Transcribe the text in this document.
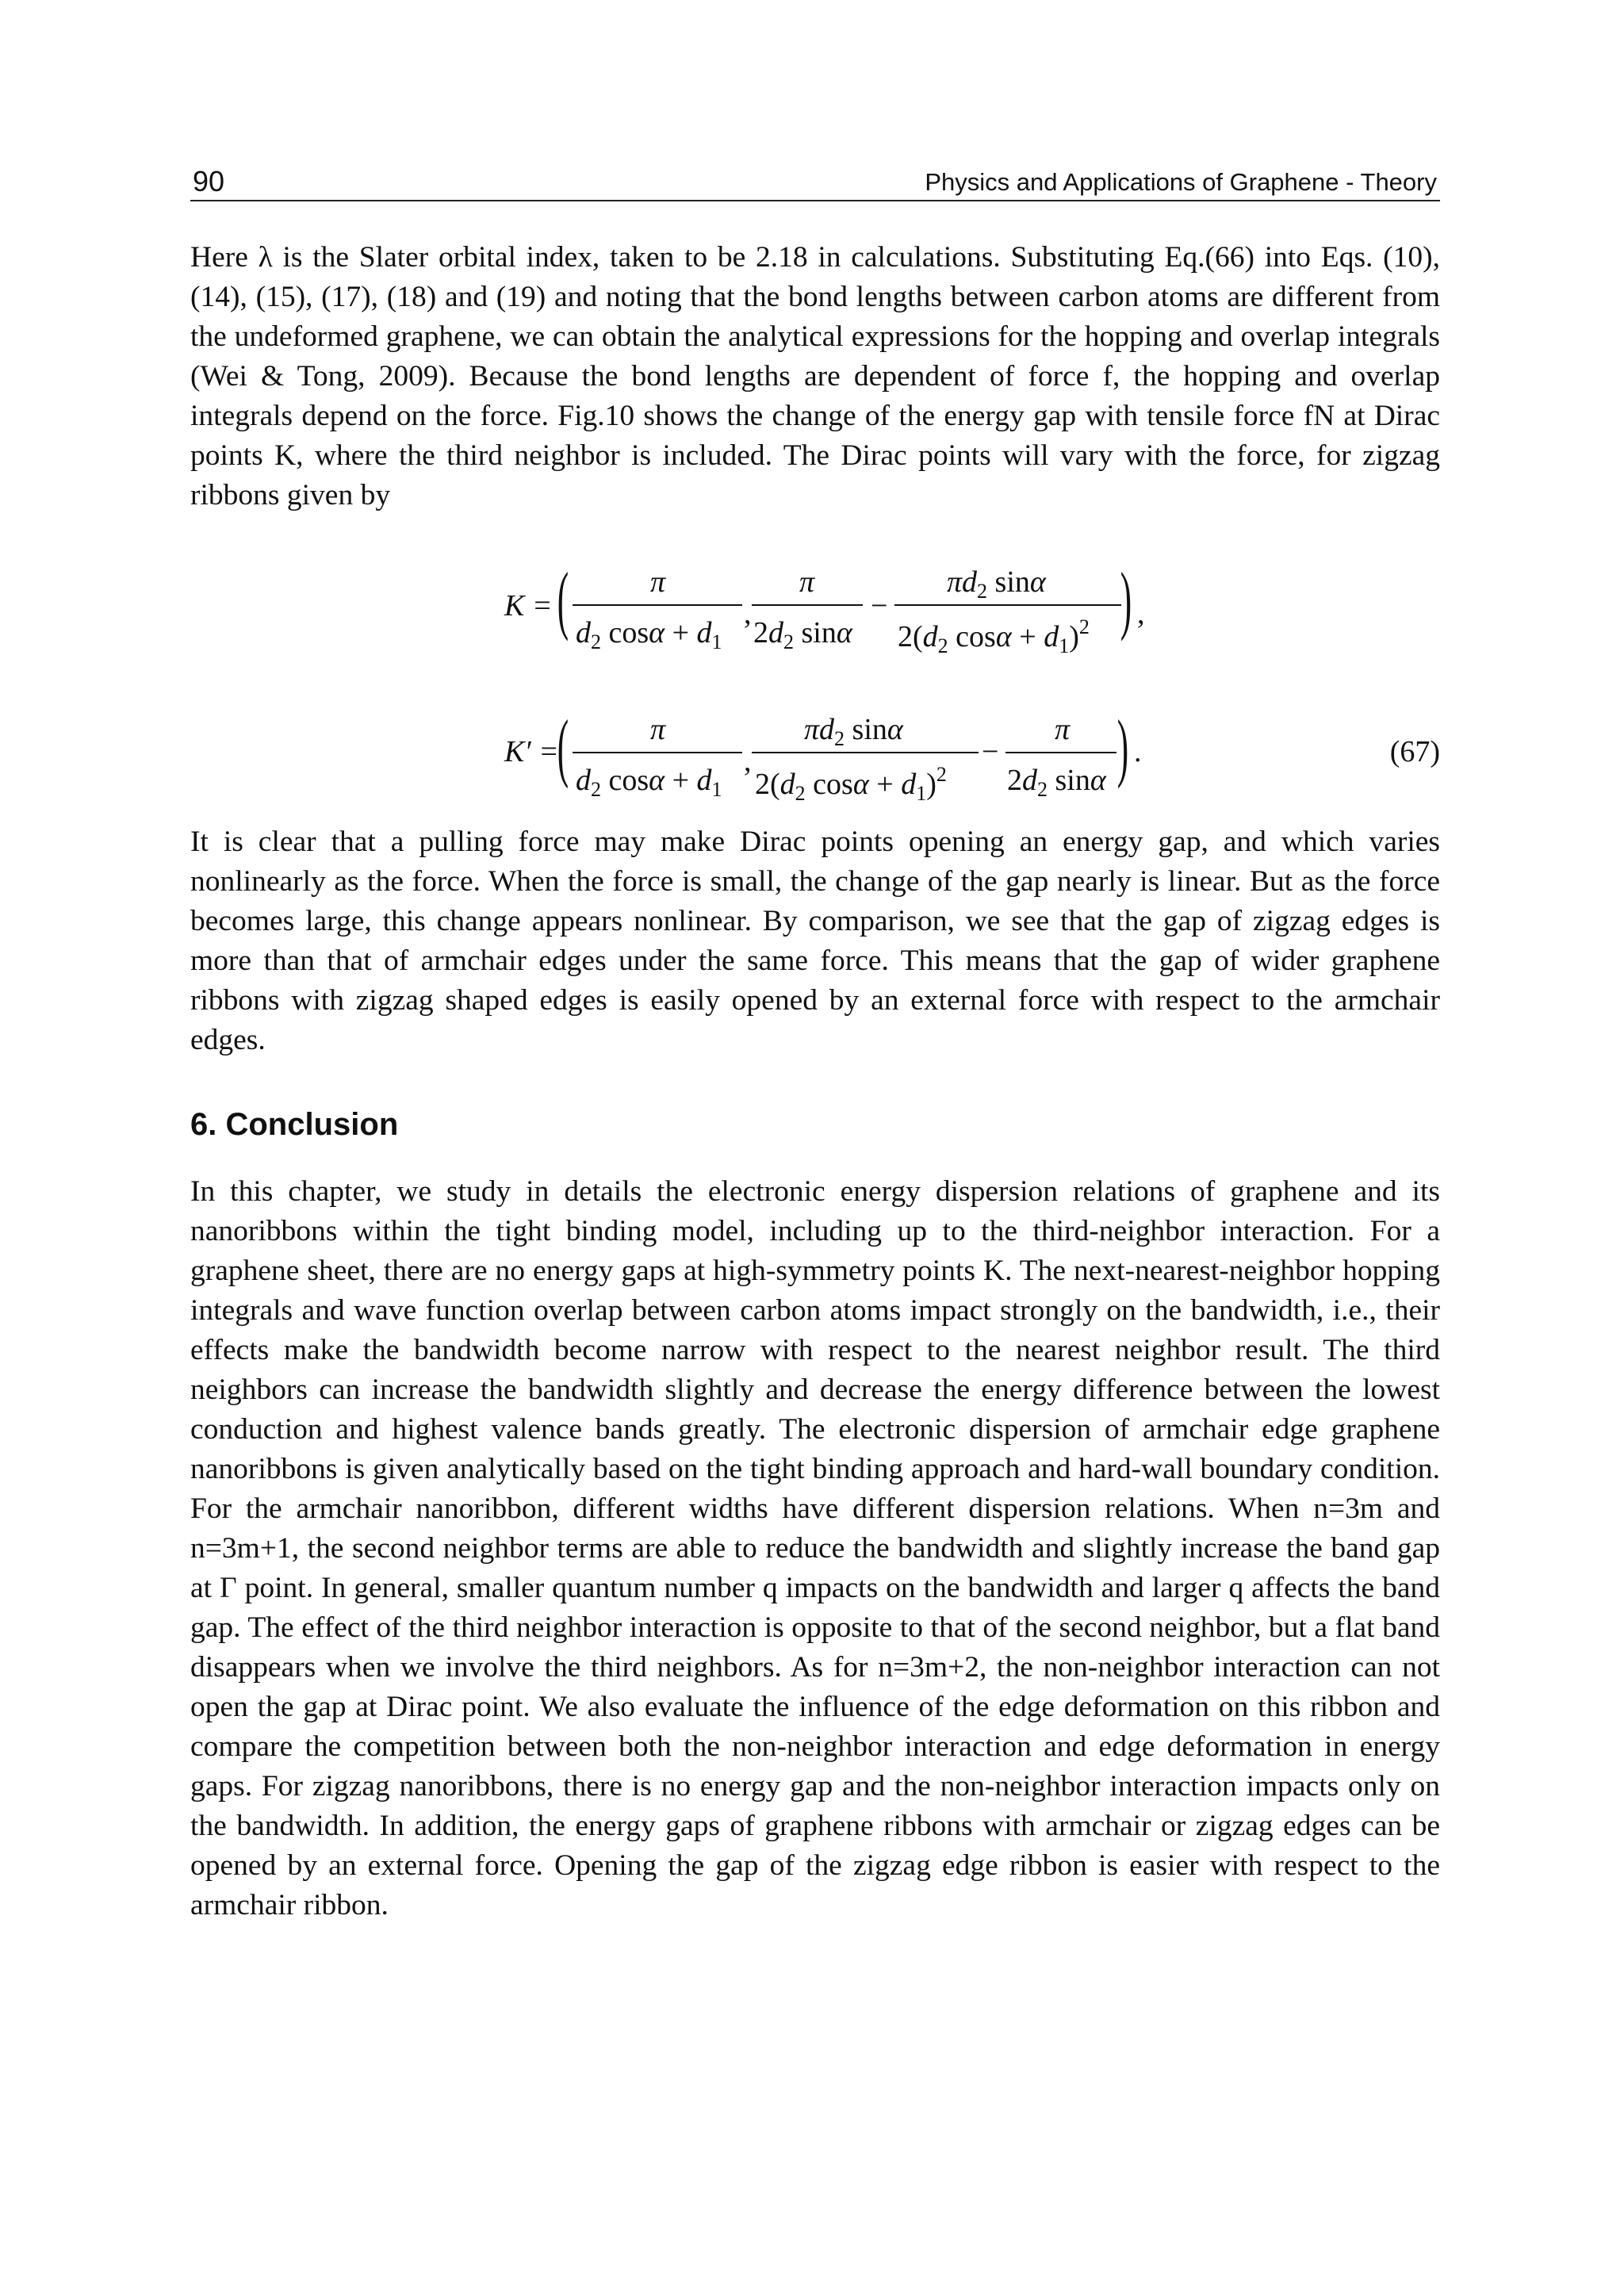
90	Physics and Applications of Graphene - Theory

Here λ is the Slater orbital index, taken to be 2.18 in calculations. Substituting Eq.(66) into Eqs. (10), (14), (15), (17), (18) and (19) and noting that the bond lengths between carbon atoms are different from the undeformed graphene, we can obtain the analytical expressions for the hopping and overlap integrals (Wei & Tong, 2009). Because the bond lengths are dependent of force f, the hopping and overlap integrals depend on the force. Fig.10 shows the change of the energy gap with tensile force fN at Dirac points K, where the third neighbor is included. The Dirac points will vary with the force, for zigzag ribbons given by

K = (	π
$d_2$ $\cos\alpha + d_1$
,
π
$2d_2$ sinα
−
$\pi d_2$ sinα
$2(d_2$ $\cos\alpha + d_1)^2$ ) ,
K′ =
(	π
$d_2$ $\cos\alpha + d_1$
,
$\pi d_2$ sinα
$2(d_2$ $\cos\alpha + d_1)^2$
−
π
$2d_2$ sinα ) .	(67)

It is clear that a pulling force may make Dirac points opening an energy gap, and which varies nonlinearly as the force. When the force is small, the change of the gap nearly is linear. But as the force becomes large, this change appears nonlinear. By comparison, we see that the gap of zigzag edges is more than that of armchair edges under the same force. This means that the gap of wider graphene ribbons with zigzag shaped edges is easily opened by an external force with respect to the armchair edges.

6. Conclusion

In this chapter, we study in details the electronic energy dispersion relations of graphene and its nanoribbons within the tight binding model, including up to the third-neighbor interaction. For a graphene sheet, there are no energy gaps at high-symmetry points K. The next-nearest-neighbor hopping integrals and wave function overlap between carbon atoms impact strongly on the bandwidth, i.e., their effects make the bandwidth become narrow with respect to the nearest neighbor result. The third neighbors can increase the bandwidth slightly and decrease the energy difference between the lowest conduction and highest valence bands greatly. The electronic dispersion of armchair edge graphene nanoribbons is given analytically based on the tight binding approach and hard-wall boundary condition. For the armchair nanoribbon, different widths have different dispersion relations. When n=3m and n=3m+1, the second neighbor terms are able to reduce the bandwidth and slightly increase the band gap at Γ point. In general, smaller quantum number q impacts on the bandwidth and larger q affects the band gap. The effect of the third neighbor interaction is opposite to that of the second neighbor, but a flat band disappears when we involve the third neighbors. As for n=3m+2, the non-neighbor interaction can not open the gap at Dirac point. We also evaluate the influence of the edge deformation on this ribbon and compare the competition between both the non-neighbor interaction and edge deformation in energy gaps. For zigzag nanoribbons, there is no energy gap and the non-neighbor interaction impacts only on the bandwidth. In addition, the energy gaps of graphene ribbons with armchair or zigzag edges can be opened by an external force. Opening the gap of the zigzag edge ribbon is easier with respect to the armchair ribbon.
